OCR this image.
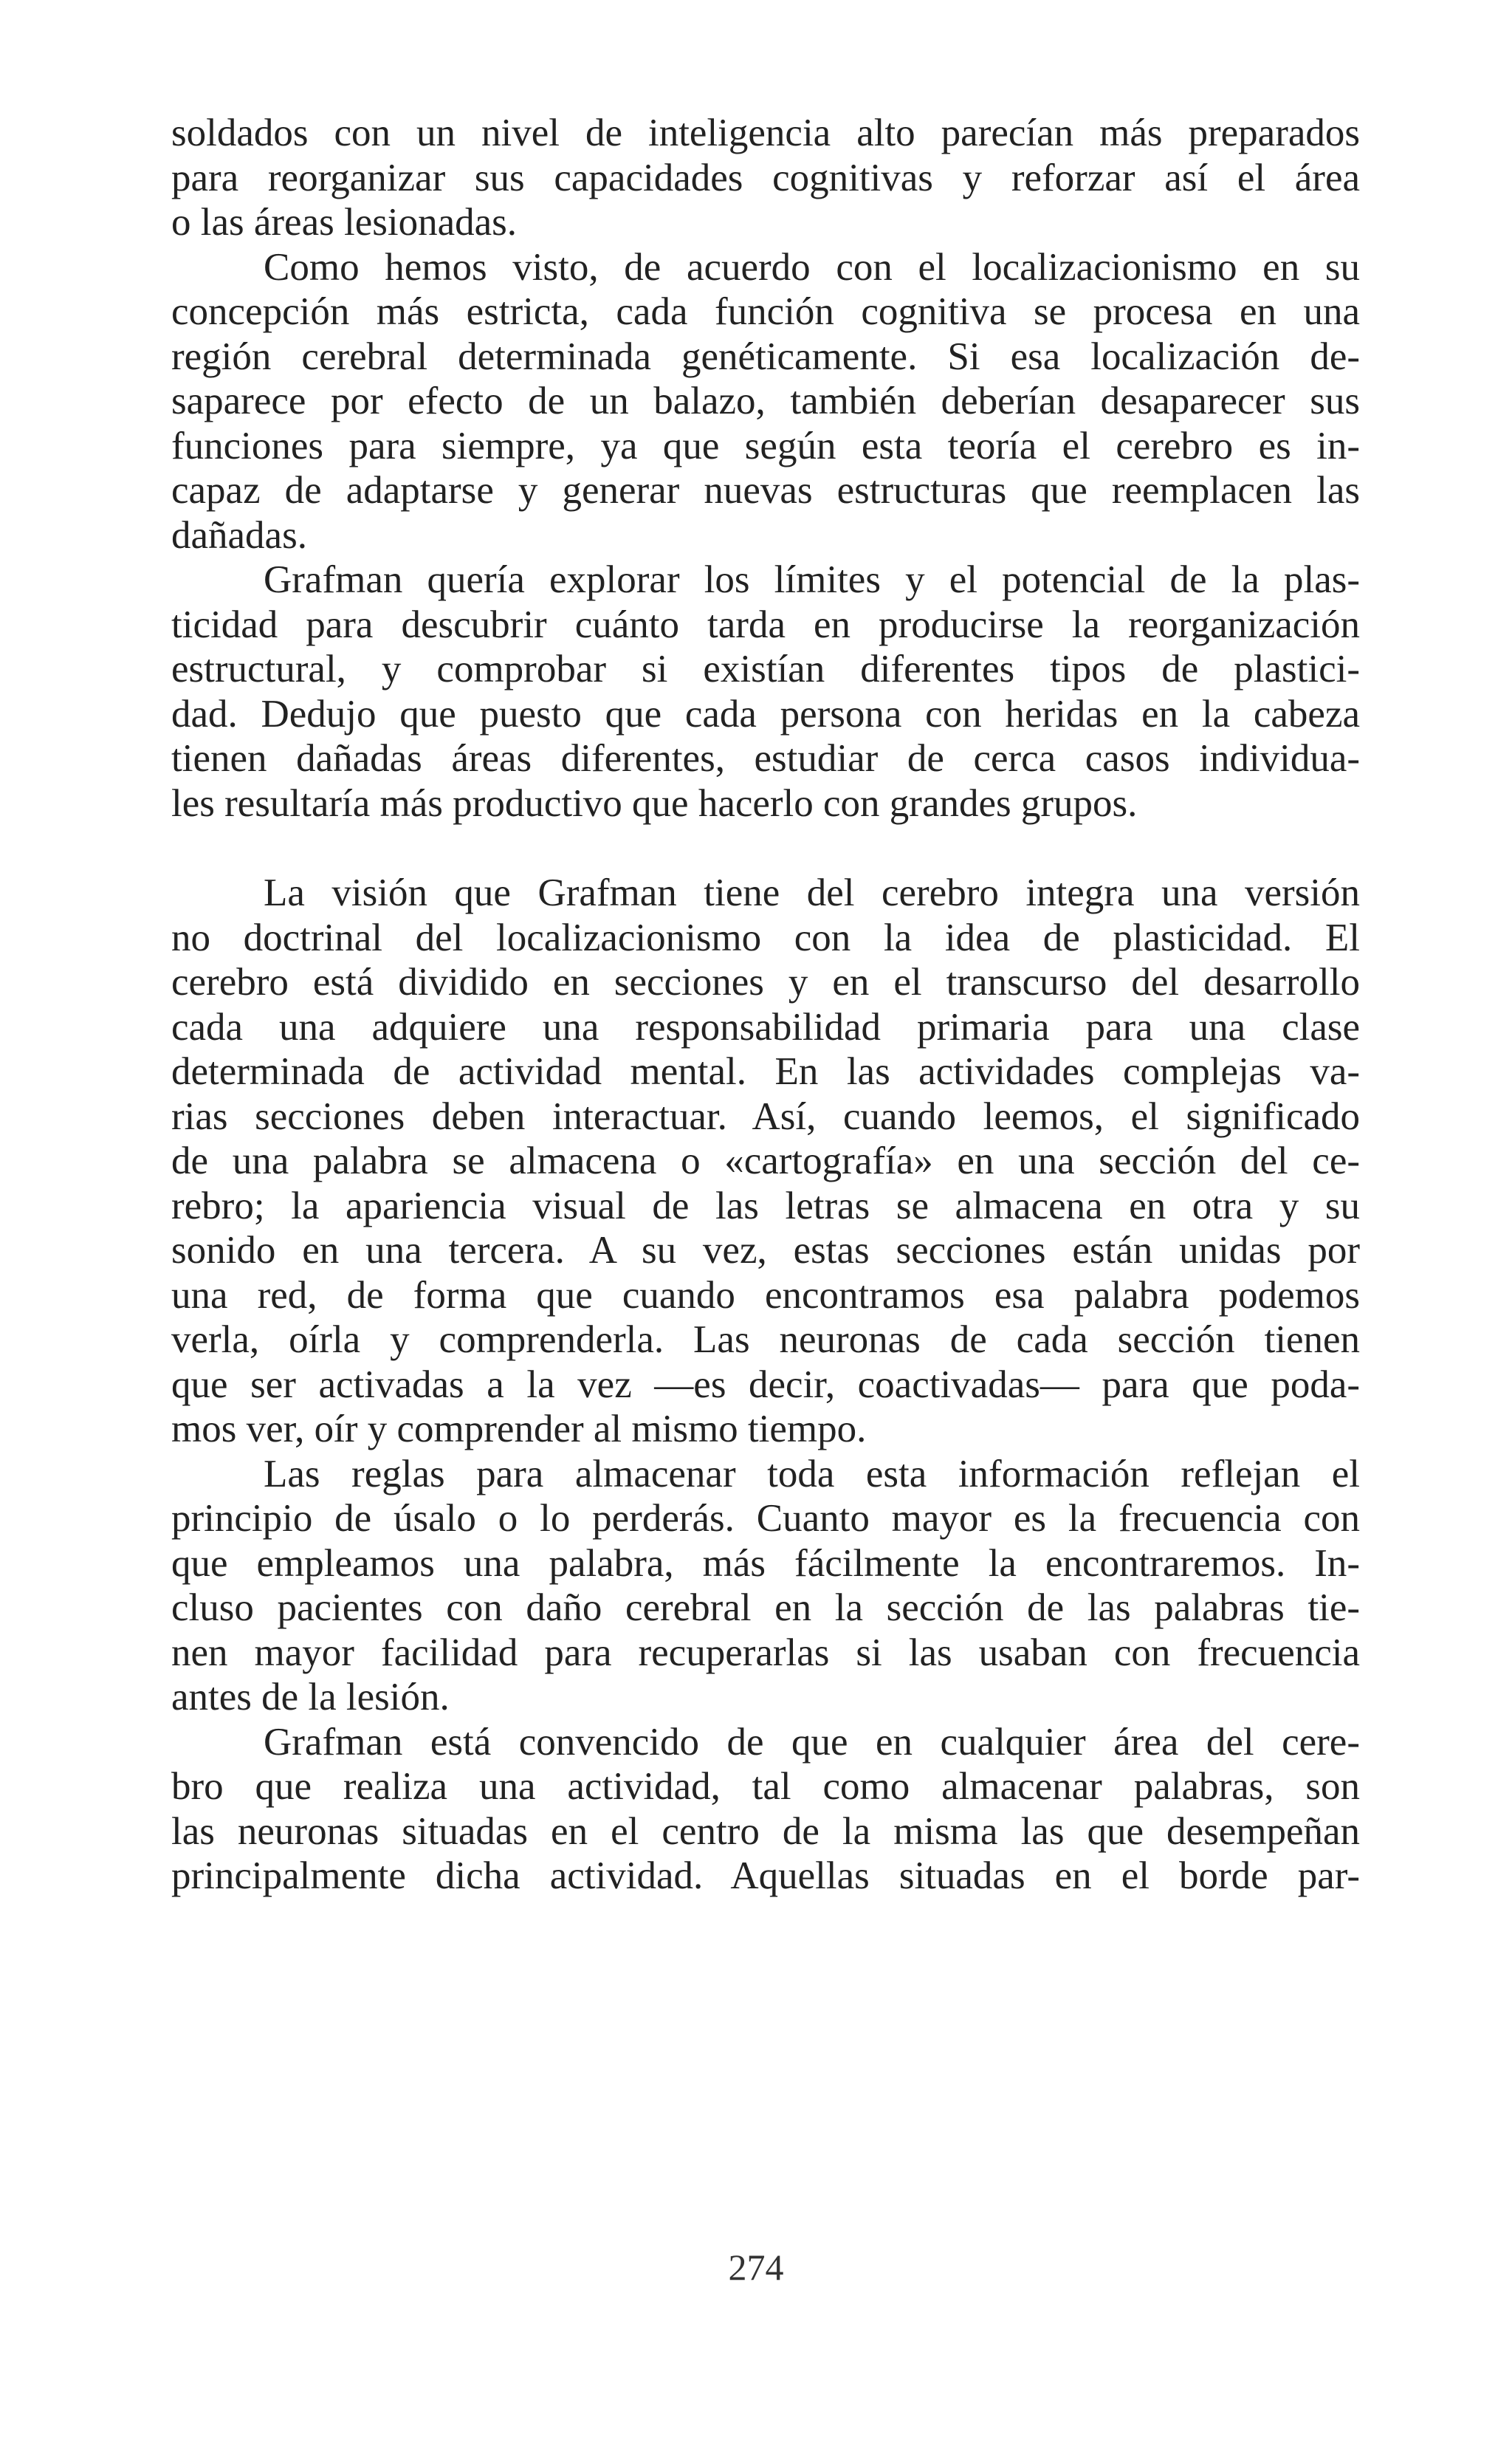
soldados con un nivel de inteligencia alto parecían más preparados
para reorganizar sus capacidades cognitivas y reforzar así el área
o las áreas lesionadas.
Como hemos visto, de acuerdo con el localizacionismo en su
concepción más estricta, cada función cognitiva se procesa en una
región cerebral determinada genéticamente. Si esa localización de-
saparece por efecto de un balazo, también deberían desaparecer sus
funciones para siempre, ya que según esta teoría el cerebro es in-
capaz de adaptarse y generar nuevas estructuras que reemplacen las
dañadas.
Grafman quería explorar los límites y el potencial de la plas-
ticidad para descubrir cuánto tarda en producirse la reorganización
estructural, y comprobar si existían diferentes tipos de plastici-
dad. Dedujo que puesto que cada persona con heridas en la cabeza
tienen dañadas áreas diferentes, estudiar de cerca casos individua-
les resultaría más productivo que hacerlo con grandes grupos.
La visión que Grafman tiene del cerebro integra una versión
no doctrinal del localizacionismo con la idea de plasticidad. El
cerebro está dividido en secciones y en el transcurso del desarrollo
cada una adquiere una responsabilidad primaria para una clase
determinada de actividad mental. En las actividades complejas va-
rias secciones deben interactuar. Así, cuando leemos, el significado
de una palabra se almacena o «cartografía» en una sección del ce-
rebro; la apariencia visual de las letras se almacena en otra y su
sonido en una tercera. A su vez, estas secciones están unidas por
una red, de forma que cuando encontramos esa palabra podemos
verla, oírla y comprenderla. Las neuronas de cada sección tienen
que ser activadas a la vez —es decir, coactivadas— para que poda-
mos ver, oír y comprender al mismo tiempo.
Las reglas para almacenar toda esta información reflejan el
principio de úsalo o lo perderás. Cuanto mayor es la frecuencia con
que empleamos una palabra, más fácilmente la encontraremos. In-
cluso pacientes con daño cerebral en la sección de las palabras tie-
nen mayor facilidad para recuperarlas si las usaban con frecuencia
antes de la lesión.
Grafman está convencido de que en cualquier área del cere-
bro que realiza una actividad, tal como almacenar palabras, son
las neuronas situadas en el centro de la misma las que desempeñan
principalmente dicha actividad. Aquellas situadas en el borde par-
274
